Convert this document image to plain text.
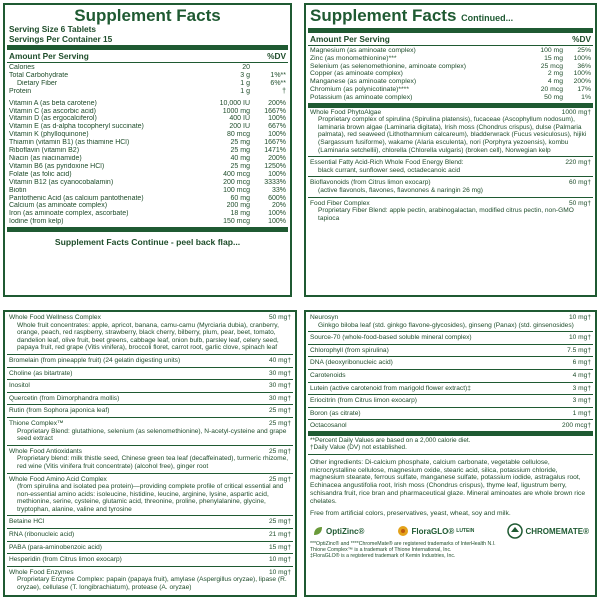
Supplement Facts
Serving Size 6 Tablets
Servings Per Container 15
Amount Per Serving	%DV
Calories	20
Total Carbohydrate	3 g	1%**
Dietary Fiber	1 g	6%**
Protein	1 g	†
Vitamin A (as beta carotene)	10,000 IU	200%
Vitamin C (as ascorbic acid)	1000 mg	1667%
Vitamin D (as ergocalciferol)	400 IU	100%
Vitamin E (as d-alpha tocopheryl succinate)	200 IU	667%
Vitamin K (phylloquinone)	80 mcg	100%
Thiamin (vitamin B1) (as thiamine HCl)	25 mg	1667%
Riboflavin (vitamin B2)	25 mg	1471%
Niacin (as niacinamide)	40 mg	200%
Vitamin B6 (as pyridoxine HCl)	25 mg	1250%
Folate (as folic acid)	400 mcg	100%
Vitamin B12 (as cyanocobalamin)	200 mcg	3333%
Biotin	100 mcg	33%
Pantothenic Acid (as calcium pantothenate)	60 mg	600%
Calcium (as aminoate complex)	200 mg	20%
Iron (as aminoate complex, ascorbate)	18 mg	100%
Iodine (from kelp)	150 mcg	100%
Supplement Facts Continue - peel back flap...
Supplement Facts Continued...
Amount Per Serving	%DV
Magnesium (as aminoate complex)	100 mg	25%
Zinc (as monomethionine)***	15 mg	100%
Selenium (as selenomethionine, aminoate complex)	25 mcg	36%
Copper (as aminoate complex)	2 mg	100%
Manganese (as aminoate complex)	4 mg	200%
Chromium (as polynicotinate)****	20 mcg	17%
Potassium (as aminoate complex)	50 mg	1%
Whole Food PhytoAlgae	1000 mg†
Proprietary complex of spirulina (Spirulina platensis), fucaceae (Ascophyllum nodosum), laminaria brown algae (Laminaria digitata), Irish moss (Chondrus crispus), dulse (Palmaria palmata), red seaweed (Lithothamnium calcareum), bladderwrack (Fucus vesiculosus), hijiki (Sargassum fusiforme), wakame (Alaria esculenta), nori (Porphyra yezoensis), kombu (Laminaria setchellii), chlorella (Chlorella vulgaris) (broken cell), Norwegian kelp
Essential Fatty Acid-Rich Whole Food Energy Blend:	220 mg†
black currant, sunflower seed, octadecanoic acid
Bioflavonoids (from Citrus limon exocarp)	60 mg†
(active flavonols, flavones, flavonones & naringin 26 mg)
Food Fiber Complex	50 mg†
Proprietary Fiber Blend: apple pectin, arabinogalactan, modified citrus pectin, non-GMO tapioca
Whole Food Wellness Complex	50 mg†
Whole fruit concentrates: apple, apricot, banana, camu-camu (Myrciaria dubia), cranberry, orange, peach, red raspberry, strawberry, black cherry, bilberry, plum, pear, beet, tomato, dandelion leaf, olive fruit, beet greens, cabbage leaf, onion bulb, parsley leaf, celery seed, papaya fruit, red grape (Vitis vinifera), broccoli floret, carrot root, garlic clove, spinach leaf
Bromelain (from pineapple fruit) (24 gelatin digesting units)	40 mg†
Choline (as bitartrate)	30 mg†
Inositol	30 mg†
Quercetin (from Dimorphandra mollis)	30 mg†
Rutin (from Sophora japonica leaf)	25 mg†
Thione Complex™	25 mg†
Proprietary Blend: glutathione, selenium (as selenomethionine), N-acetyl-cysteine and grape seed extract
Whole Food Antioxidants	25 mg†
Proprietary blend: milk thistle seed, Chinese green tea leaf (decaffeinated), turmeric rhizome, red wine (Vitis vinifera fruit concentrate) (alcohol free), ginger root
Whole Food Amino Acid Complex	25 mg†
(from spirulina and isolated pea protein)—providing complete profile of critical essential and non-essential amino acids: isoleucine, histidine, leucine, arginine, lysine, aspartic acid, methionine, serine, cysteine, glutamic acid, threonine, proline, phenylalanine, glycine, tryptophan, alanine, valine and tyrosine
Betaine HCl	25 mg†
RNA (ribonucleic acid)	21 mg†
PABA (para-aminobenzoic acid)	15 mg†
Hesperidin (from Citrus limon exocarp)	10 mg†
Whole Food Enzymes	10 mg†
Proprietary Enzyme Complex: papain (papaya fruit), amylase (Aspergillus oryzae), lipase (R. oryzae), cellulase (T. longibrachiatum), protease (A. oryzae)
Neurosyn	10 mg†
Ginkgo biloba leaf (std. ginkgo flavone-glycosides), ginseng (Panax) (std. ginsenosides)
Source-70 (whole-food-based soluble mineral complex)	10 mg†
Chlorophyll (from spirulina)	7.5 mg†
DNA (deoxyribonucleic acid)	6 mg†
Carotenoids	4 mg†
Lutein (active carotenoid from marigold flower extract)‡	3 mg†
Eriocitrin (from Citrus limon exocarp)	3 mg†
Boron (as citrate)	1 mg†
Octacosanol	200 mcg†
**Percent Daily Values are based on a 2,000 calorie diet.
†Daily Value (DV) not established.
Other ingredients: Di-calcium phosphate, calcium carbonate, vegetable cellulose, microcrystalline cellulose, magnesium oxide, stearic acid, silica, potassium chloride, magnesium stearate, ferrous sulfate, manganese sulfate, potassium iodide, astragalus root, Echinacea angustifolia root, Irish moss (Chondrus crispus), thyme leaf, ligustrum berry, schisandra fruit, rice bran and pharmaceutical glaze. Mineral aminoates are whole brown rice chelates.
Free from artificial colors, preservatives, yeast, wheat, soy and milk.
OptiZinc®	FloraGLO® LUTEIN	CHROMEMATE®
***OptiZinc® and ****ChromeMate® are registered trademarks of InterHealth N.I.
Thione Complex™ is a trademark of Thione International, Inc.
‡FloraGLO® is a registered trademark of Kemin Industries, Inc.
